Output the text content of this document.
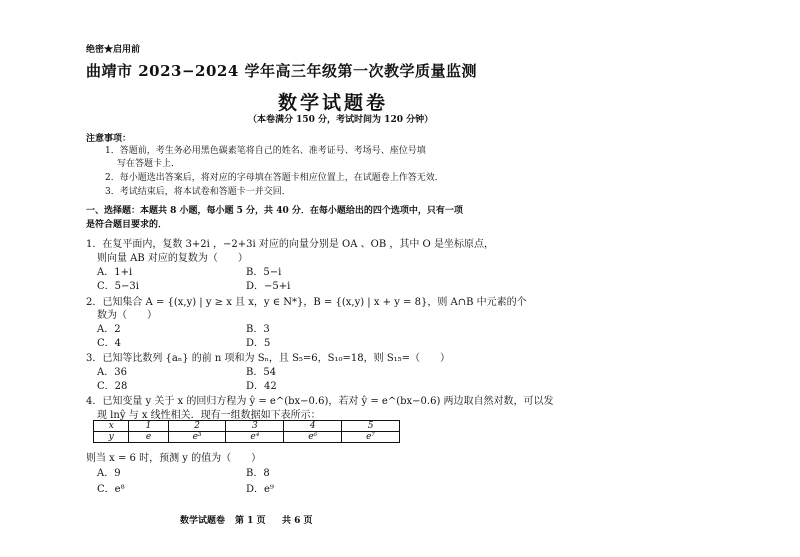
绝密★启用前
曲靖市 2023−2024 学年高三年级第一次教学质量监测
数学试题卷
（本卷满分 150 分，考试时间为 120 分钟）
注意事项：
1．答题前，考生务必用黑色碳素笔将自己的姓名、准考证号、考场号、座位号填
写在答题卡上．
2．每小题选出答案后，将对应的字母填在答题卡相应位置上，在试题卷上作答无效．
3．考试结束后，将本试卷和答题卡一并交回．
一、选择题：本题共 8 小题，每小题 5 分，共 40 分．在每小题给出的四个选项中，只有一项
是符合题目要求的．
1．在复平面内，复数 3+2i ，−2+3i 对应的向量分别是 OA 、OB ，其中 O 是坐标原点，
则向量 AB 对应的复数为（　　）
A．1+i	B．5−i
C．5−3i	D．−5+i
2．已知集合 A = {(x,y) | y ≥ x 且 x，y ∈ N*}，B = {(x,y) | x + y = 8}，则 A∩B 中元素的个
数为（　　）
A．2	B．3
C．4	D．5
3．已知等比数列 {aₙ} 的前 n 项和为 Sₙ，且 S₅=6，S₁₀=18，则 S₁₅=（　　）
A．36	B．54
C．28	D．42
4．已知变量 y 关于 x 的回归方程为 ŷ = e^(bx−0.6)，若对 ŷ = e^(bx−0.6) 两边取自然对数，可以发
现 lnŷ 与 x 线性相关．现有一组数据如下表所示：
x	1	2	3	4	5
y	e	e³	e⁴	e⁶	e⁷
则当 x = 6 时，预测 y 的值为（　　）
A．9	B．8
C．e⁸	D．e⁹
数学试题卷 第 1 页 共 6 页
